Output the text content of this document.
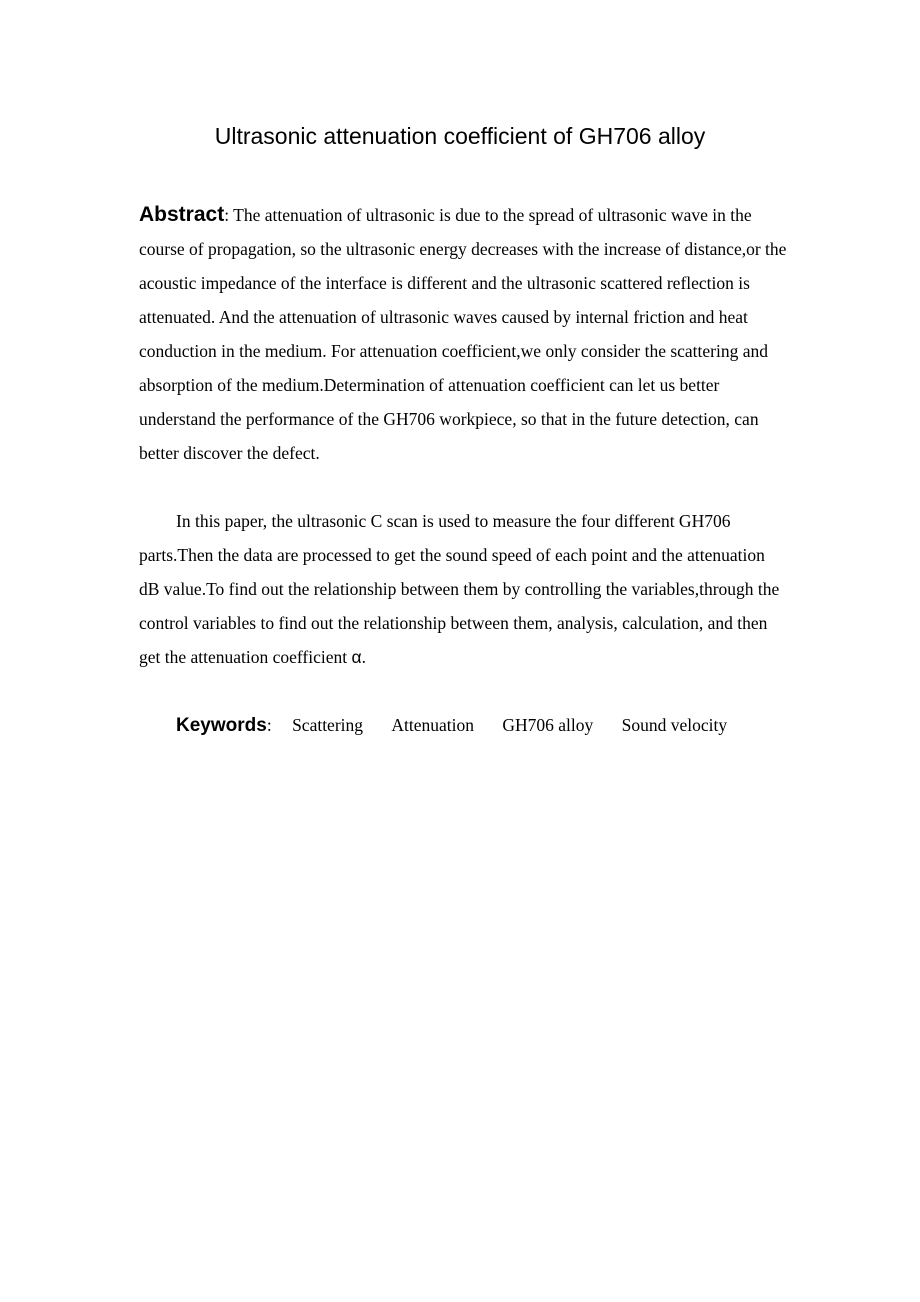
Ultrasonic attenuation coefficient of GH706 alloy

Abstract: The attenuation of ultrasonic is due to the spread of ultrasonic wave in the course of propagation, so the ultrasonic energy decreases with the increase of distance,or the acoustic impedance of the interface is different and the ultrasonic scattered reflection is attenuated. And the attenuation of ultrasonic waves caused by internal friction and heat conduction in the medium. For attenuation coefficient,we only consider the scattering and absorption of the medium.Determination of attenuation coefficient can let us better understand the performance of the GH706 workpiece, so that in the future detection, can better discover the defect.

In this paper, the ultrasonic C scan is used to measure the four different GH706 parts.Then the data are processed to get the sound speed of each point and the attenuation dB value.To find out the relationship between them by controlling the variables,through the control variables to find out the relationship between them, analysis, calculation, and then get the attenuation coefficient α.

Keywords: Scattering Attenuation GH706 alloy Sound velocity
